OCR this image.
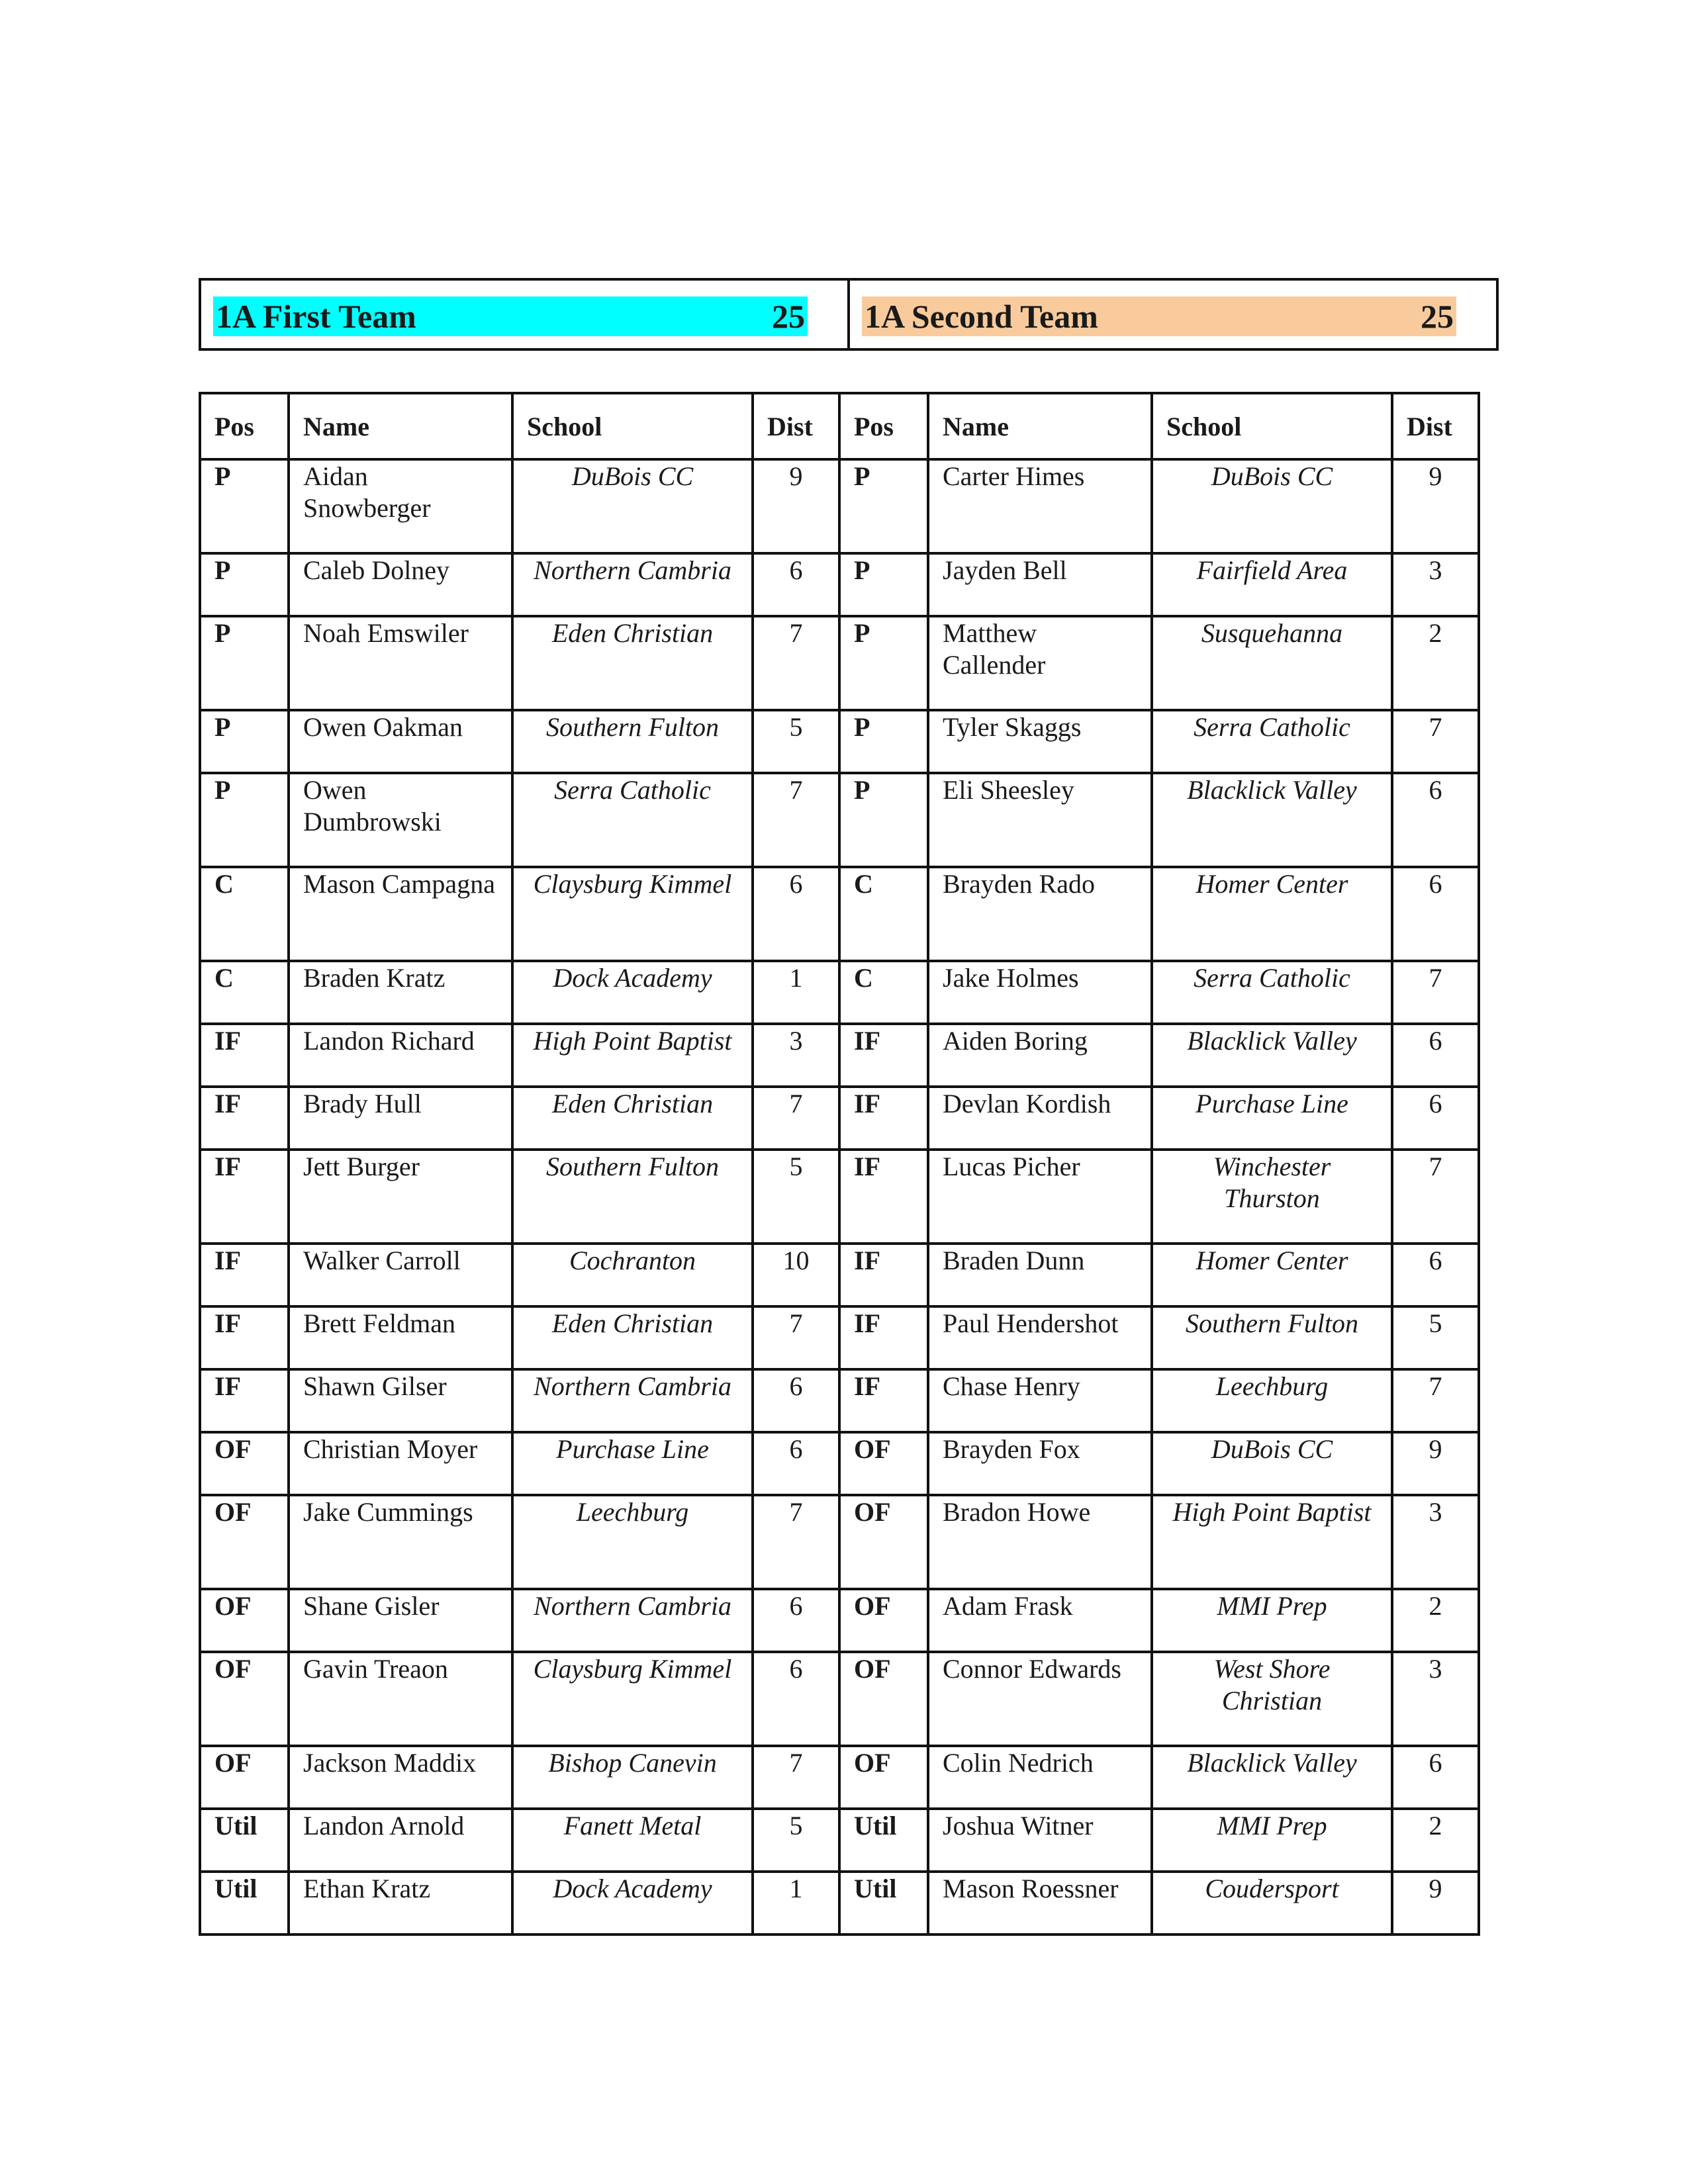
1A First Team	25 1A Second Team	25
Pos	Name	School	Dist	Pos	Name	School	Dist
P	Aidan Snowberger	DuBois CC	9	P	Carter Himes	DuBois CC	9
P	Caleb Dolney	Northern Cambria	6	P	Jayden Bell	Fairfield Area	3
P	Noah Emswiler	Eden Christian	7	P	Matthew Callender	Susquehanna	2
P	Owen Oakman	Southern Fulton	5	P	Tyler Skaggs	Serra Catholic	7
P	Owen Dumbrowski	Serra Catholic	7	P	Eli Sheesley	Blacklick Valley	6
C	Mason Campagna	Claysburg Kimmel	6	C	Brayden Rado	Homer Center	6
C	Braden Kratz	Dock Academy	1	C	Jake Holmes	Serra Catholic	7
IF	Landon Richard	High Point Baptist	3	IF	Aiden Boring	Blacklick Valley	6
IF	Brady Hull	Eden Christian	7	IF	Devlan Kordish	Purchase Line	6
IF	Jett Burger	Southern Fulton	5	IF	Lucas Picher	Winchester Thurston	7
IF	Walker Carroll	Cochranton	10	IF	Braden Dunn	Homer Center	6
IF	Brett Feldman	Eden Christian	7	IF	Paul Hendershot	Southern Fulton	5
IF	Shawn Gilser	Northern Cambria	6	IF	Chase Henry	Leechburg	7
OF	Christian Moyer	Purchase Line	6	OF	Brayden Fox	DuBois CC	9
OF	Jake Cummings	Leechburg	7	OF	Bradon Howe	High Point Baptist	3
OF	Shane Gisler	Northern Cambria	6	OF	Adam Frask	MMI Prep	2
OF	Gavin Treaon	Claysburg Kimmel	6	OF	Connor Edwards	West Shore Christian	3
OF	Jackson Maddix	Bishop Canevin	7	OF	Colin Nedrich	Blacklick Valley	6
Util	Landon Arnold	Fanett Metal	5	Util	Joshua Witner	MMI Prep	2
Util	Ethan Kratz	Dock Academy	1	Util	Mason Roessner	Coudersport	9
